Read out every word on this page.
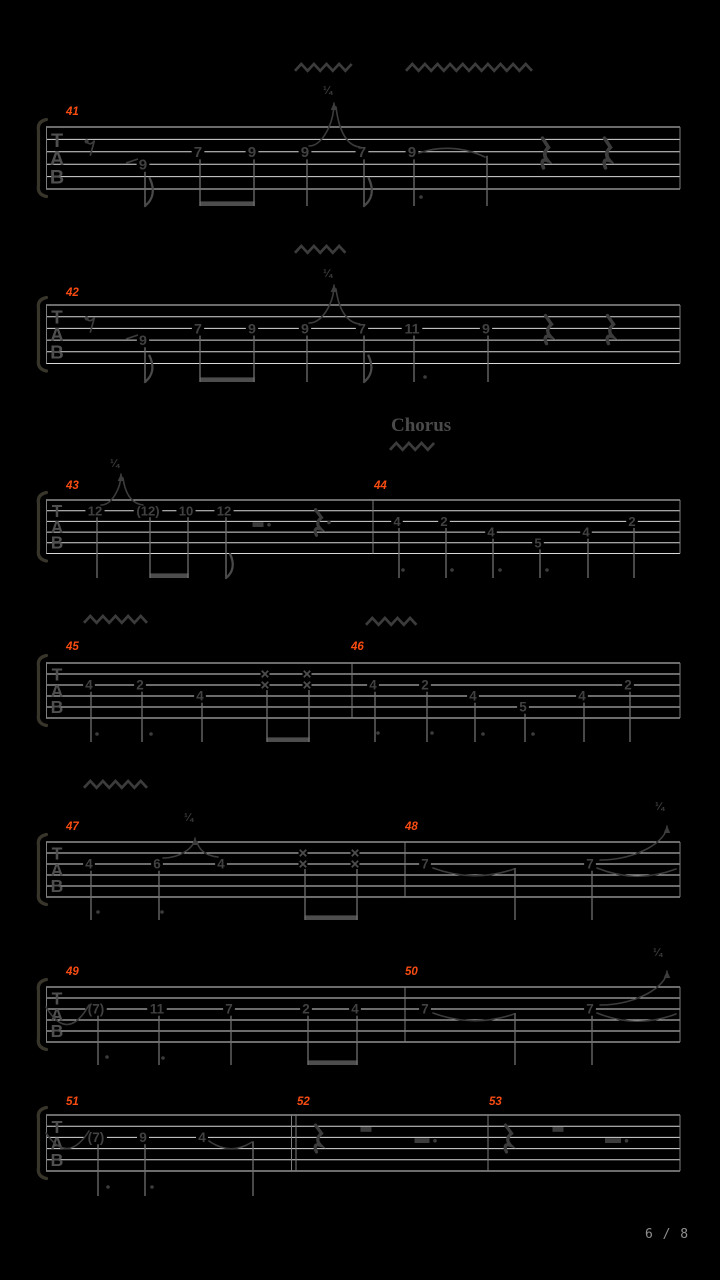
T
A
B
41
9
7	9	9	7	9
¼
T
A
B
42
9
7	9	9	7	11	9
¼
T
A
B
43	44
12	(12) 10 12
4	2
4
5
4
2
¼
Chorus
T
A
B
45	46
4	2
4
4	2
4
5
4
2
T
A
B
47	48
4	6	4	7	7
¼
¼
T
A
B
49	50
(7)	11	7	2	4	7	7
¼
T
A
B
51	52	53
(7)	9	4
6 / 8
